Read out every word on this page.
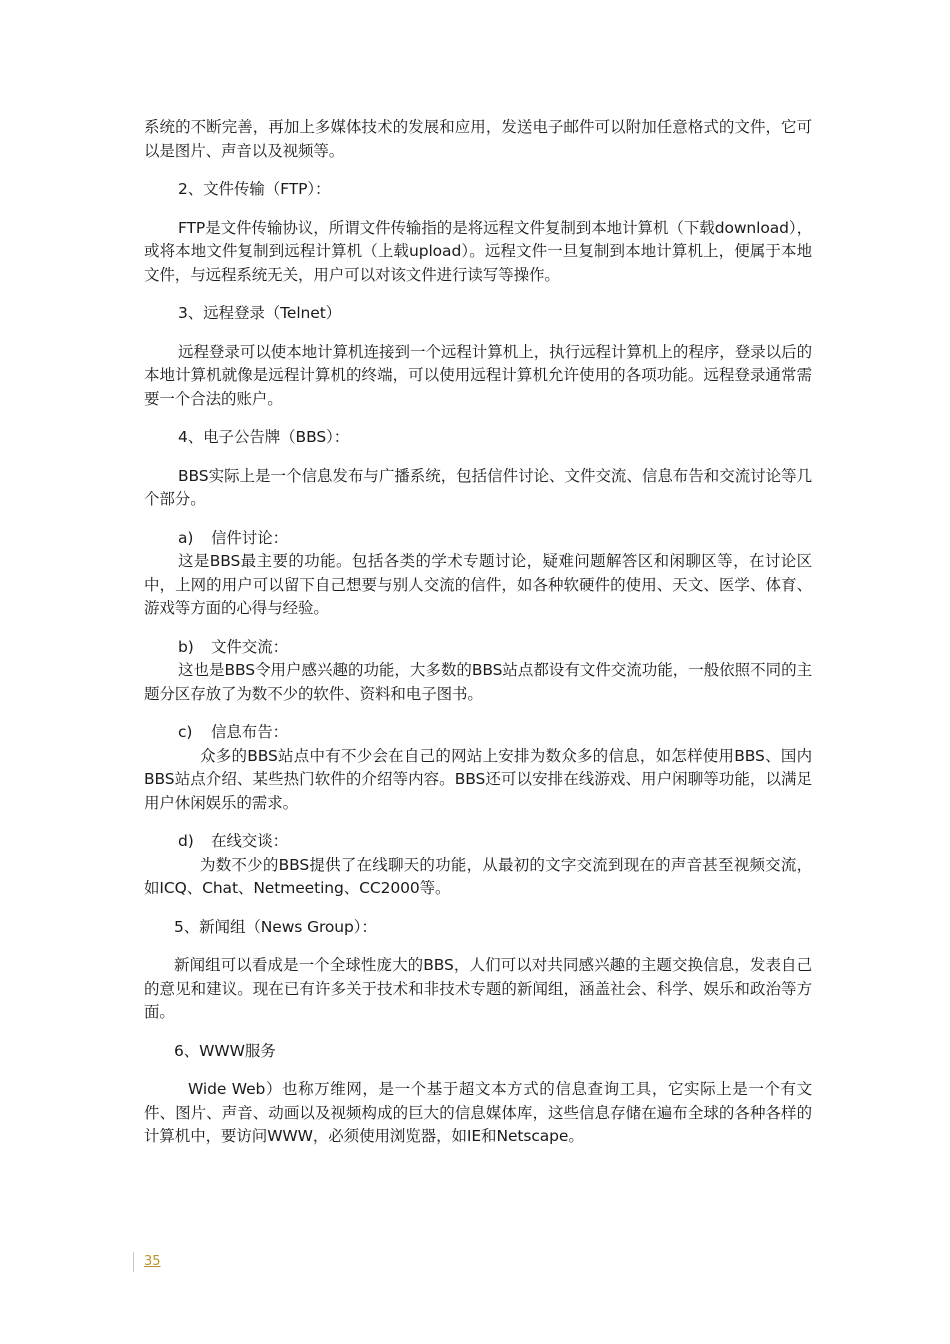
系统的不断完善，再加上多媒体技术的发展和应用，发送电子邮件可以附加任意格式的文件，它可以是图片、声音以及视频等。

2、文件传输（FTP）：

FTP是文件传输协议，所谓文件传输指的是将远程文件复制到本地计算机（下载download），或将本地文件复制到远程计算机（上载upload）。远程文件一旦复制到本地计算机上，便属于本地文件，与远程系统无关，用户可以对该文件进行读写等操作。

3、远程登录（Telnet）

远程登录可以使本地计算机连接到一个远程计算机上，执行远程计算机上的程序，登录以后的本地计算机就像是远程计算机的终端，可以使用远程计算机允许使用的各项功能。远程登录通常需要一个合法的账户。

4、电子公告牌（BBS）：

BBS实际上是一个信息发布与广播系统，包括信件讨论、文件交流、信息布告和交流讨论等几个部分。

a) 信件讨论：

这是BBS最主要的功能。包括各类的学术专题讨论，疑难问题解答区和闲聊区等，在讨论区中，上网的用户可以留下自己想要与别人交流的信件，如各种软硬件的使用、天文、医学、体育、游戏等方面的心得与经验。

b) 文件交流：

这也是BBS令用户感兴趣的功能，大多数的BBS站点都设有文件交流功能，一般依照不同的主题分区存放了为数不少的软件、资料和电子图书。

c) 信息布告：

众多的BBS站点中有不少会在自己的网站上安排为数众多的信息，如怎样使用BBS、国内BBS站点介绍、某些热门软件的介绍等内容。BBS还可以安排在线游戏、用户闲聊等功能，以满足用户休闲娱乐的需求。

d) 在线交谈：

为数不少的BBS提供了在线聊天的功能，从最初的文字交流到现在的声音甚至视频交流，如ICQ、Chat、Netmeeting、CC2000等。

5、新闻组（News Group）：

新闻组可以看成是一个全球性庞大的BBS，人们可以对共同感兴趣的主题交换信息，发表自己的意见和建议。现在已有许多关于技术和非技术专题的新闻组，涵盖社会、科学、娱乐和政治等方面。

6、WWW服务

Wide Web）也称万维网，是一个基于超文本方式的信息查询工具，它实际上是一个有文件、图片、声音、动画以及视频构成的巨大的信息媒体库，这些信息存储在遍布全球的各种各样的计算机中，要访问WWW，必须使用浏览器，如IE和Netscape。

35
